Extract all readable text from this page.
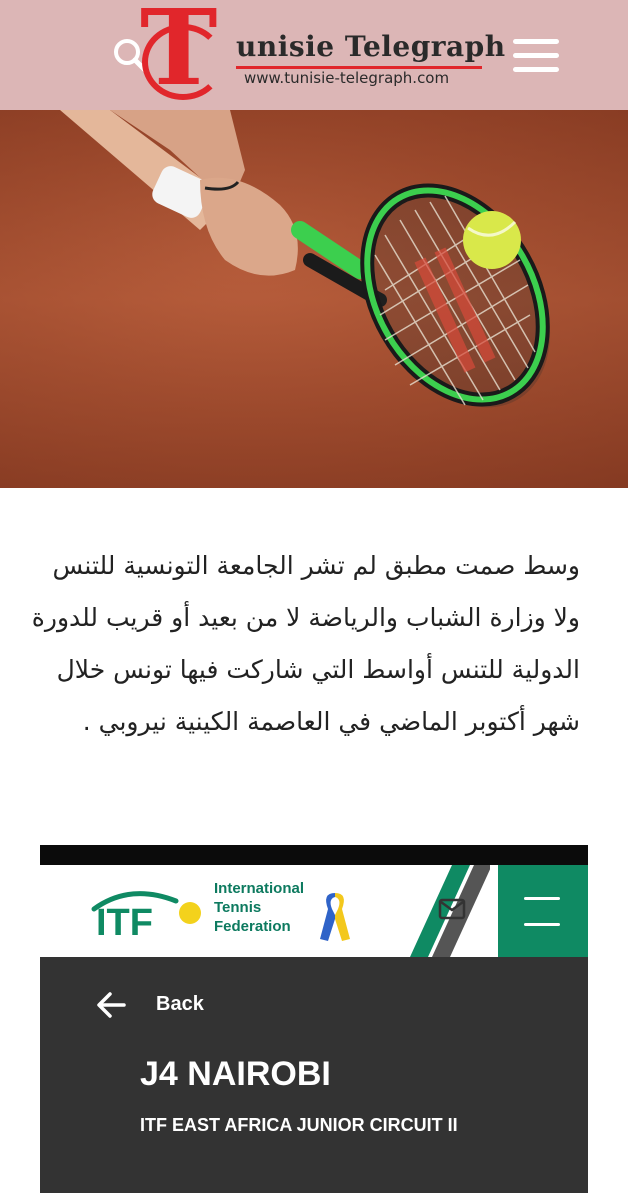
T unisie Telegraph
www.tunisie-telegraph.com

وسط صمت مطبق لم تشر الجامعة التونسية للتنس ولا وزارة الشباب والرياضة لا من بعيد أو قريب للدورة الدولية للتنس أواسط التي شاركت فيها تونس خلال شهر أكتوبر الماضي في العاصمة الكينية نيروبي .

ITF
International
Tennis
Federation
Back
J4 NAIROBI
ITF EAST AFRICA JUNIOR CIRCUIT II
